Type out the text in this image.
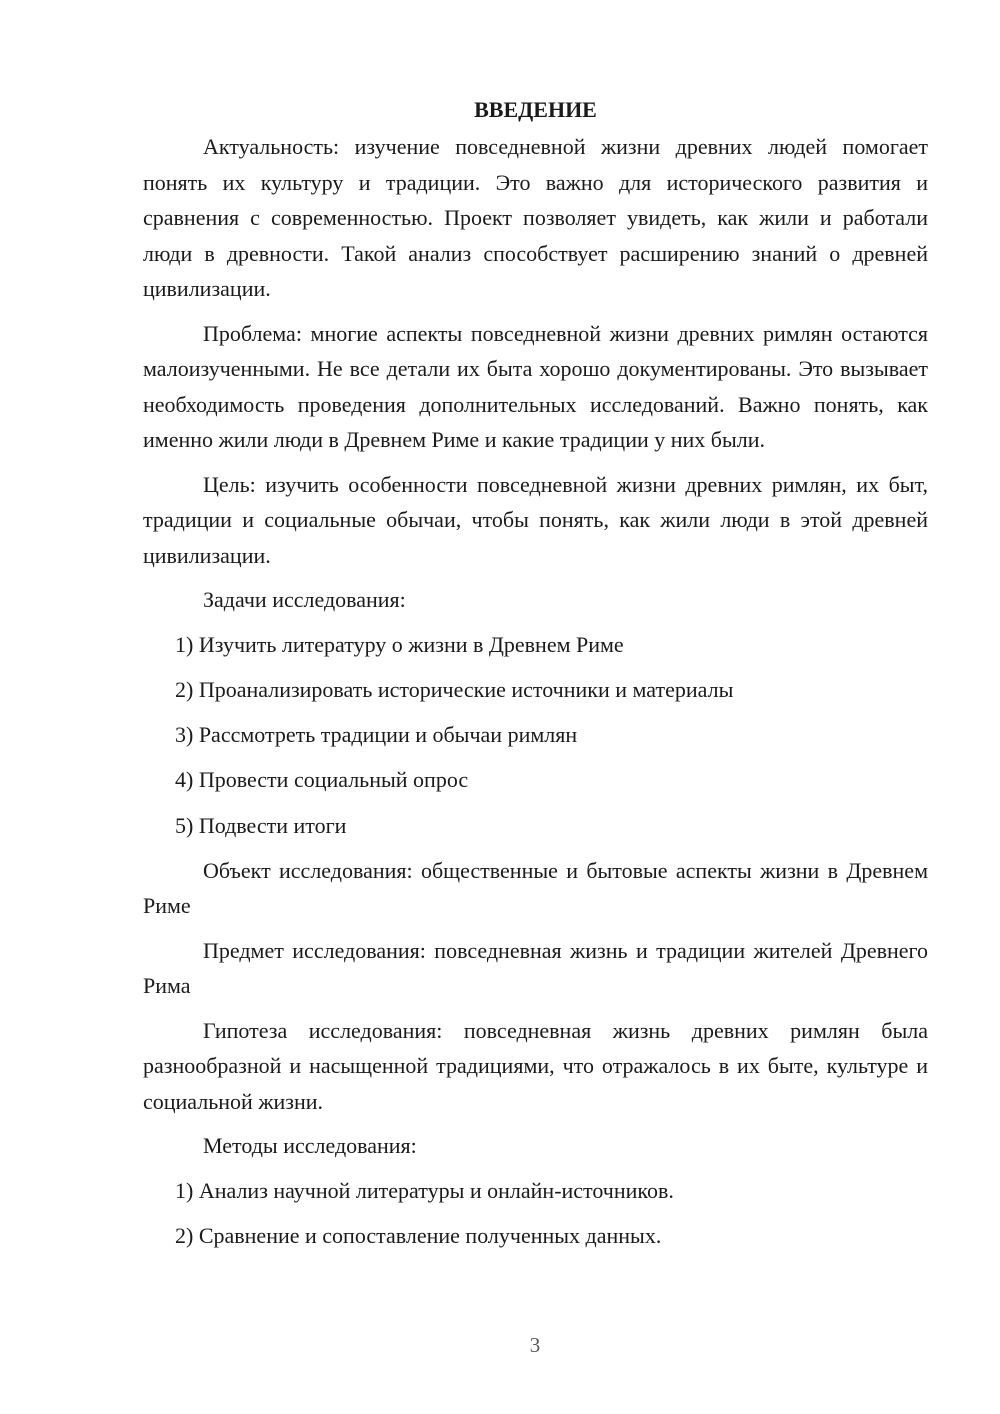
ВВЕДЕНИЕ

Актуальность: изучение повседневной жизни древних людей помогает понять их культуру и традиции. Это важно для исторического развития и сравнения с современностью. Проект позволяет увидеть, как жили и работали люди в древности. Такой анализ способствует расширению знаний о древней цивилизации.

Проблема: многие аспекты повседневной жизни древних римлян остаются малоизученными. Не все детали их быта хорошо документированы. Это вызывает необходимость проведения дополнительных исследований. Важно понять, как именно жили люди в Древнем Риме и какие традиции у них были.

Цель: изучить особенности повседневной жизни древних римлян, их быт, традиции и социальные обычаи, чтобы понять, как жили люди в этой древней цивилизации.

Задачи исследования:

1) Изучить литературу о жизни в Древнем Риме
2) Проанализировать исторические источники и материалы
3) Рассмотреть традиции и обычаи римлян
4) Провести социальный опрос
5) Подвести итоги

Объект исследования: общественные и бытовые аспекты жизни в Древнем Риме

Предмет исследования: повседневная жизнь и традиции жителей Древнего Рима

Гипотеза исследования: повседневная жизнь древних римлян была разнообразной и насыщенной традициями, что отражалось в их быте, культуре и социальной жизни.

Методы исследования:

1) Анализ научной литературы и онлайн-источников.
2) Сравнение и сопоставление полученных данных.
3
